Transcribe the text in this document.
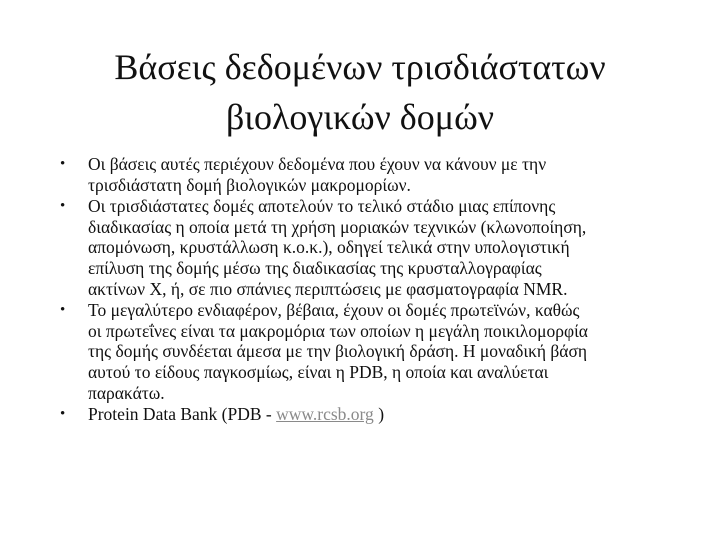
Βάσεις δεδομένων τρισδιάστατων
βιολογικών δομών
• Οι βάσεις αυτές περιέχουν δεδομένα που έχουν να κάνουν με την
τρισδιάστατη δομή βιολογικών μακρομορίων.
• Οι τρισδιάστατες δομές αποτελούν το τελικό στάδιο μιας επίπονης
διαδικασίας η οποία μετά τη χρήση μοριακών τεχνικών (κλωνοποίηση,
απομόνωση, κρυστάλλωση κ.ο.κ.), οδηγεί τελικά στην υπολογιστική
επίλυση της δομής μέσω της διαδικασίας της κρυσταλλογραφίας
ακτίνων Χ, ή, σε πιο σπάνιες περιπτώσεις με φασματογραφία NMR.
• Το μεγαλύτερο ενδιαφέρον, βέβαια, έχουν οι δομές πρωτεϊνών, καθώς
οι πρωτεΐνες είναι τα μακρομόρια των οποίων η μεγάλη ποικιλομορφία
της δομής συνδέεται άμεσα με την βιολογική δράση. Η μοναδική βάση
αυτού το είδους παγκοσμίως, είναι η PDB, η οποία και αναλύεται
παρακάτω.
• Protein Data Bank (PDB - www.rcsb.org )
